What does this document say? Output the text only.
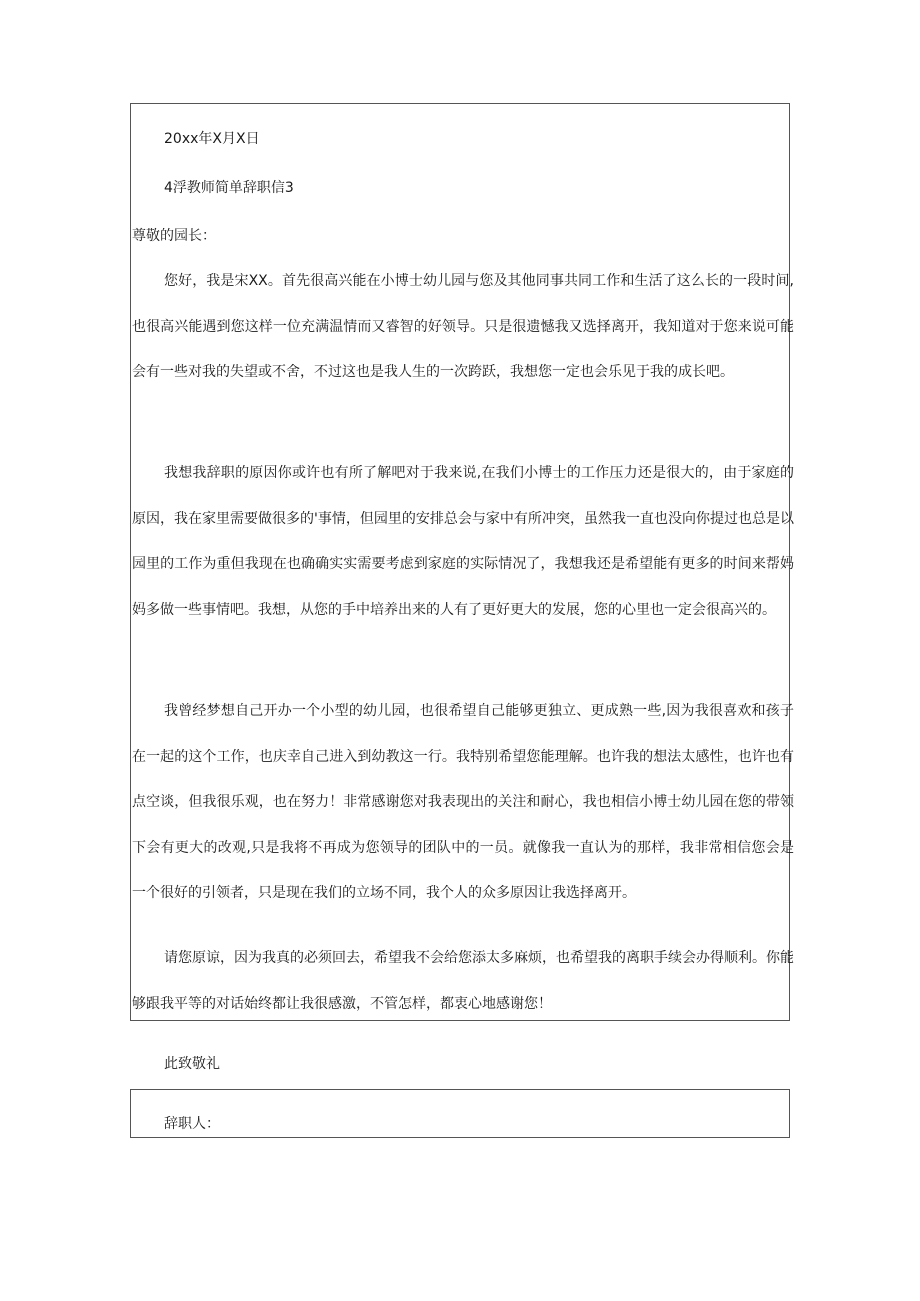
20xx年X月X日

4浮教师简单辞职信3

尊敬的园长：

您好，我是宋XX。首先很高兴能在小博士幼儿园与您及其他同事共同工作和生活了这么长的一段时间,也很高兴能遇到您这样一位充满温情而又睿智的好领导。只是很遗憾我又选择离开，我知道对于您来说可能会有一些对我的失望或不舍，不过这也是我人生的一次跨跃，我想您一定也会乐见于我的成长吧。

我想我辞职的原因你或许也有所了解吧对于我来说,在我们小博士的工作压力还是很大的，由于家庭的原因，我在家里需要做很多的'事情，但园里的安排总会与家中有所冲突，虽然我一直也没向你提过也总是以园里的工作为重但我现在也确确实实需要考虑到家庭的实际情况了，我想我还是希望能有更多的时间来帮妈妈多做一些事情吧。我想，从您的手中培养出来的人有了更好更大的发展，您的心里也一定会很高兴的。

我曾经梦想自己开办一个小型的幼儿园，也很希望自己能够更独立、更成熟一些,因为我很喜欢和孩子在一起的这个工作，也庆幸自己进入到幼教这一行。我特别希望您能理解。也许我的想法太感性，也许也有点空谈，但我很乐观，也在努力！非常感谢您对我表现出的关注和耐心，我也相信小博士幼儿园在您的带领下会有更大的改观,只是我将不再成为您领导的团队中的一员。就像我一直认为的那样，我非常相信您会是一个很好的引领者，只是现在我们的立场不同，我个人的众多原因让我选择离开。

请您原谅，因为我真的必须回去，希望我不会给您添太多麻烦，也希望我的离职手续会办得顺利。你能够跟我平等的对话始终都让我很感激，不管怎样，都衷心地感谢您！

此致敬礼

辞职人：
